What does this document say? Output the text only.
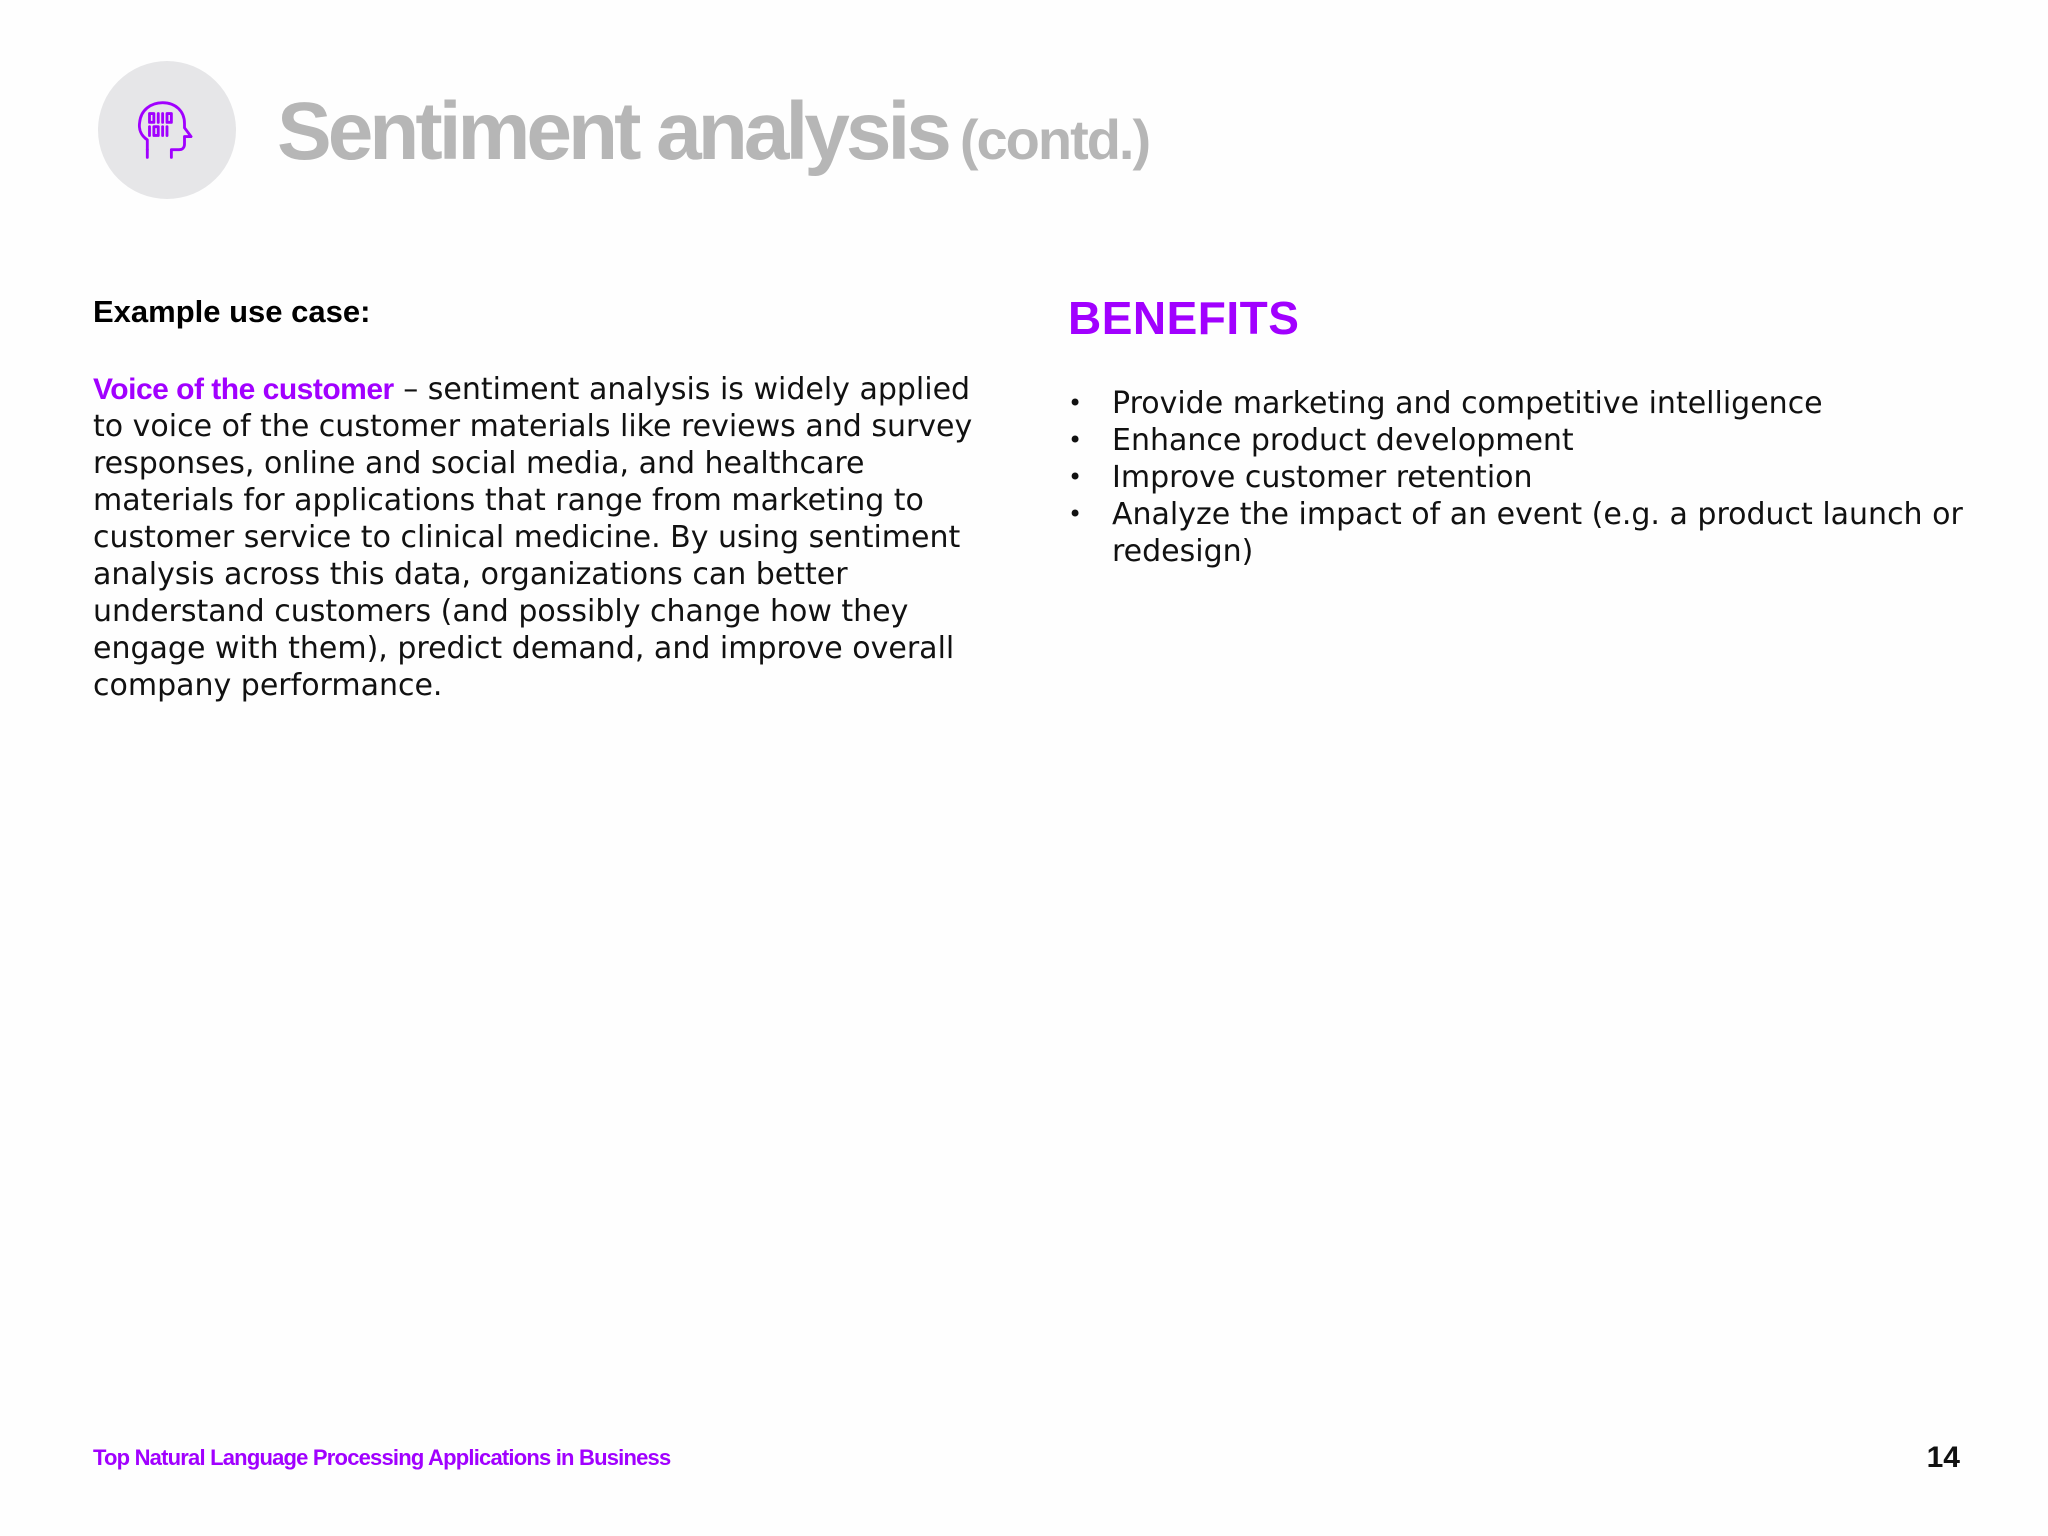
Sentiment analysis (contd.)
Example use case:

Voice of the customer – sentiment analysis is widely applied to voice of the customer materials like reviews and survey responses, online and social media, and healthcare materials for applications that range from marketing to customer service to clinical medicine. By using sentiment analysis across this data, organizations can better understand customers (and possibly change how they engage with them), predict demand, and improve overall company performance.

BENEFITS
• Provide marketing and competitive intelligence
• Enhance product development
• Improve customer retention
• Analyze the impact of an event (e.g. a product launch or redesign)

Top Natural Language Processing Applications in Business	14
